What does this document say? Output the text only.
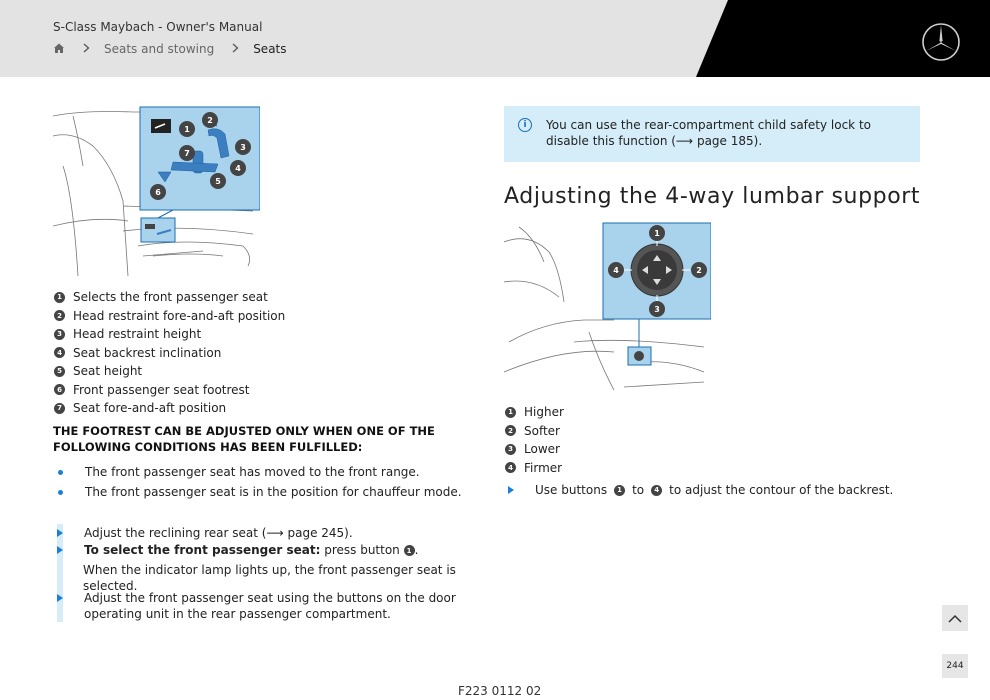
S-Class Maybach - Owner's Manual
Seats and stowing	Seats
1
2
3
4
5
6
7
1 Selects the front passenger seat
2 Head restraint fore-and-aft position
3 Head restraint height
4 Seat backrest inclination
5 Seat height
6 Front passenger seat footrest
7 Seat fore-and-aft position
THE FOOTREST CAN BE ADJUSTED ONLY WHEN ONE OF THE FOLLOWING CONDITIONS HAS BEEN FULFILLED:
The front passenger seat has moved to the front range.
The front passenger seat is in the position for chauffeur mode.
Adjust the reclining rear seat (⟶ page 245).
To select the front passenger seat: press button 1 .
When the indicator lamp lights up, the front passenger seat is selected.
Adjust the front passenger seat using the buttons on the door operating unit in the rear passenger compartment.
i	You can use the rear-compartment child safety lock to disable this function (⟶ page 185).
Adjusting the 4-way lumbar support
1
2
3
4
1 Higher
2 Softer
3 Lower
4 Firmer
Use buttons	1 to	4 to adjust the contour of the backrest.
244
F223 0112 02
